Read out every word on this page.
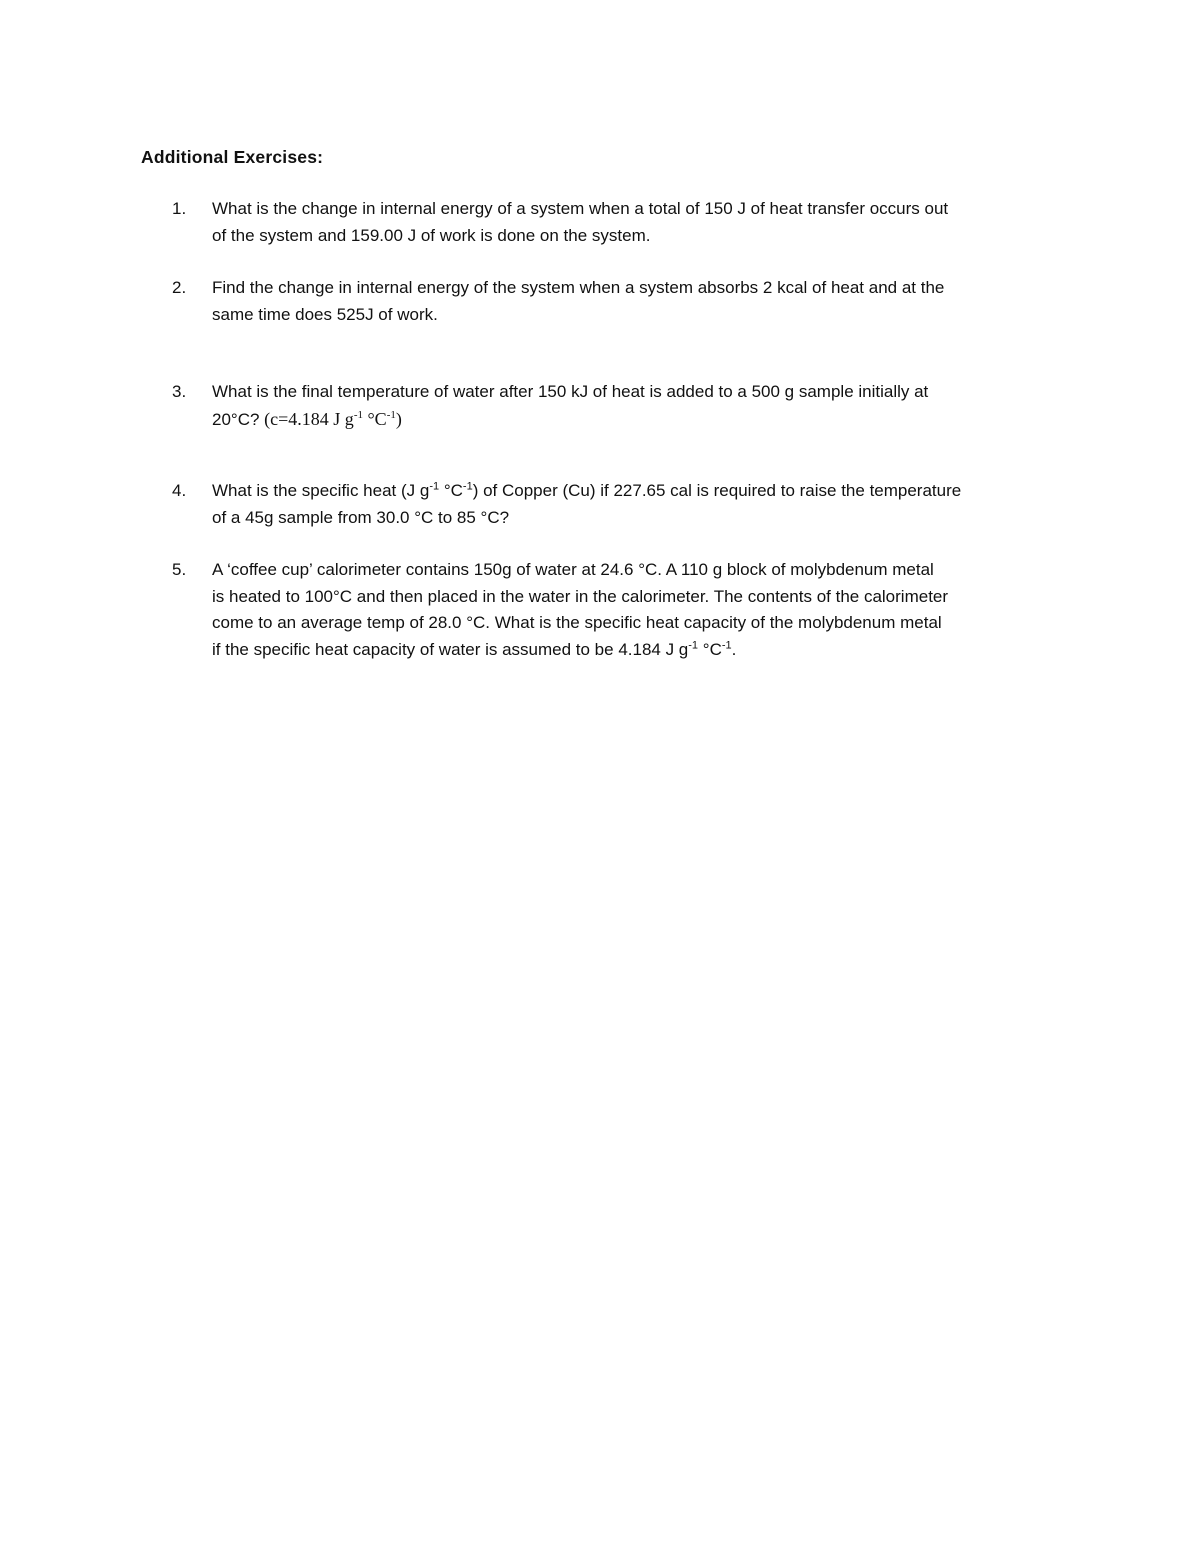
Additional Exercises:
1. What is the change in internal energy of a system when a total of 150 J of heat transfer occurs out
of the system and 159.00 J of work is done on the system.
2. Find the change in internal energy of the system when a system absorbs 2 kcal of heat and at the
same time does 525J of work.
3. What is the final temperature of water after 150 kJ of heat is added to a 500 g sample initially at
20°C? (c=4.184 J $g^{-1}$ $^\circ C^{-1}$)
4. What is the specific heat (J $g^{-1}$ $^\circ C^{-1}$) of Copper (Cu) if 227.65 cal is required to raise the temperature
of a 45g sample from 30.0 °C to 85 °C?
5. A ‘coffee cup’ calorimeter contains 150g of water at 24.6 °C. A 110 g block of molybdenum metal
is heated to 100°C and then placed in the water in the calorimeter. The contents of the calorimeter
come to an average temp of 28.0 °C. What is the specific heat capacity of the molybdenum metal
if the specific heat capacity of water is assumed to be 4.184 J $g^{-1}$ $^\circ C^{-1}$.
